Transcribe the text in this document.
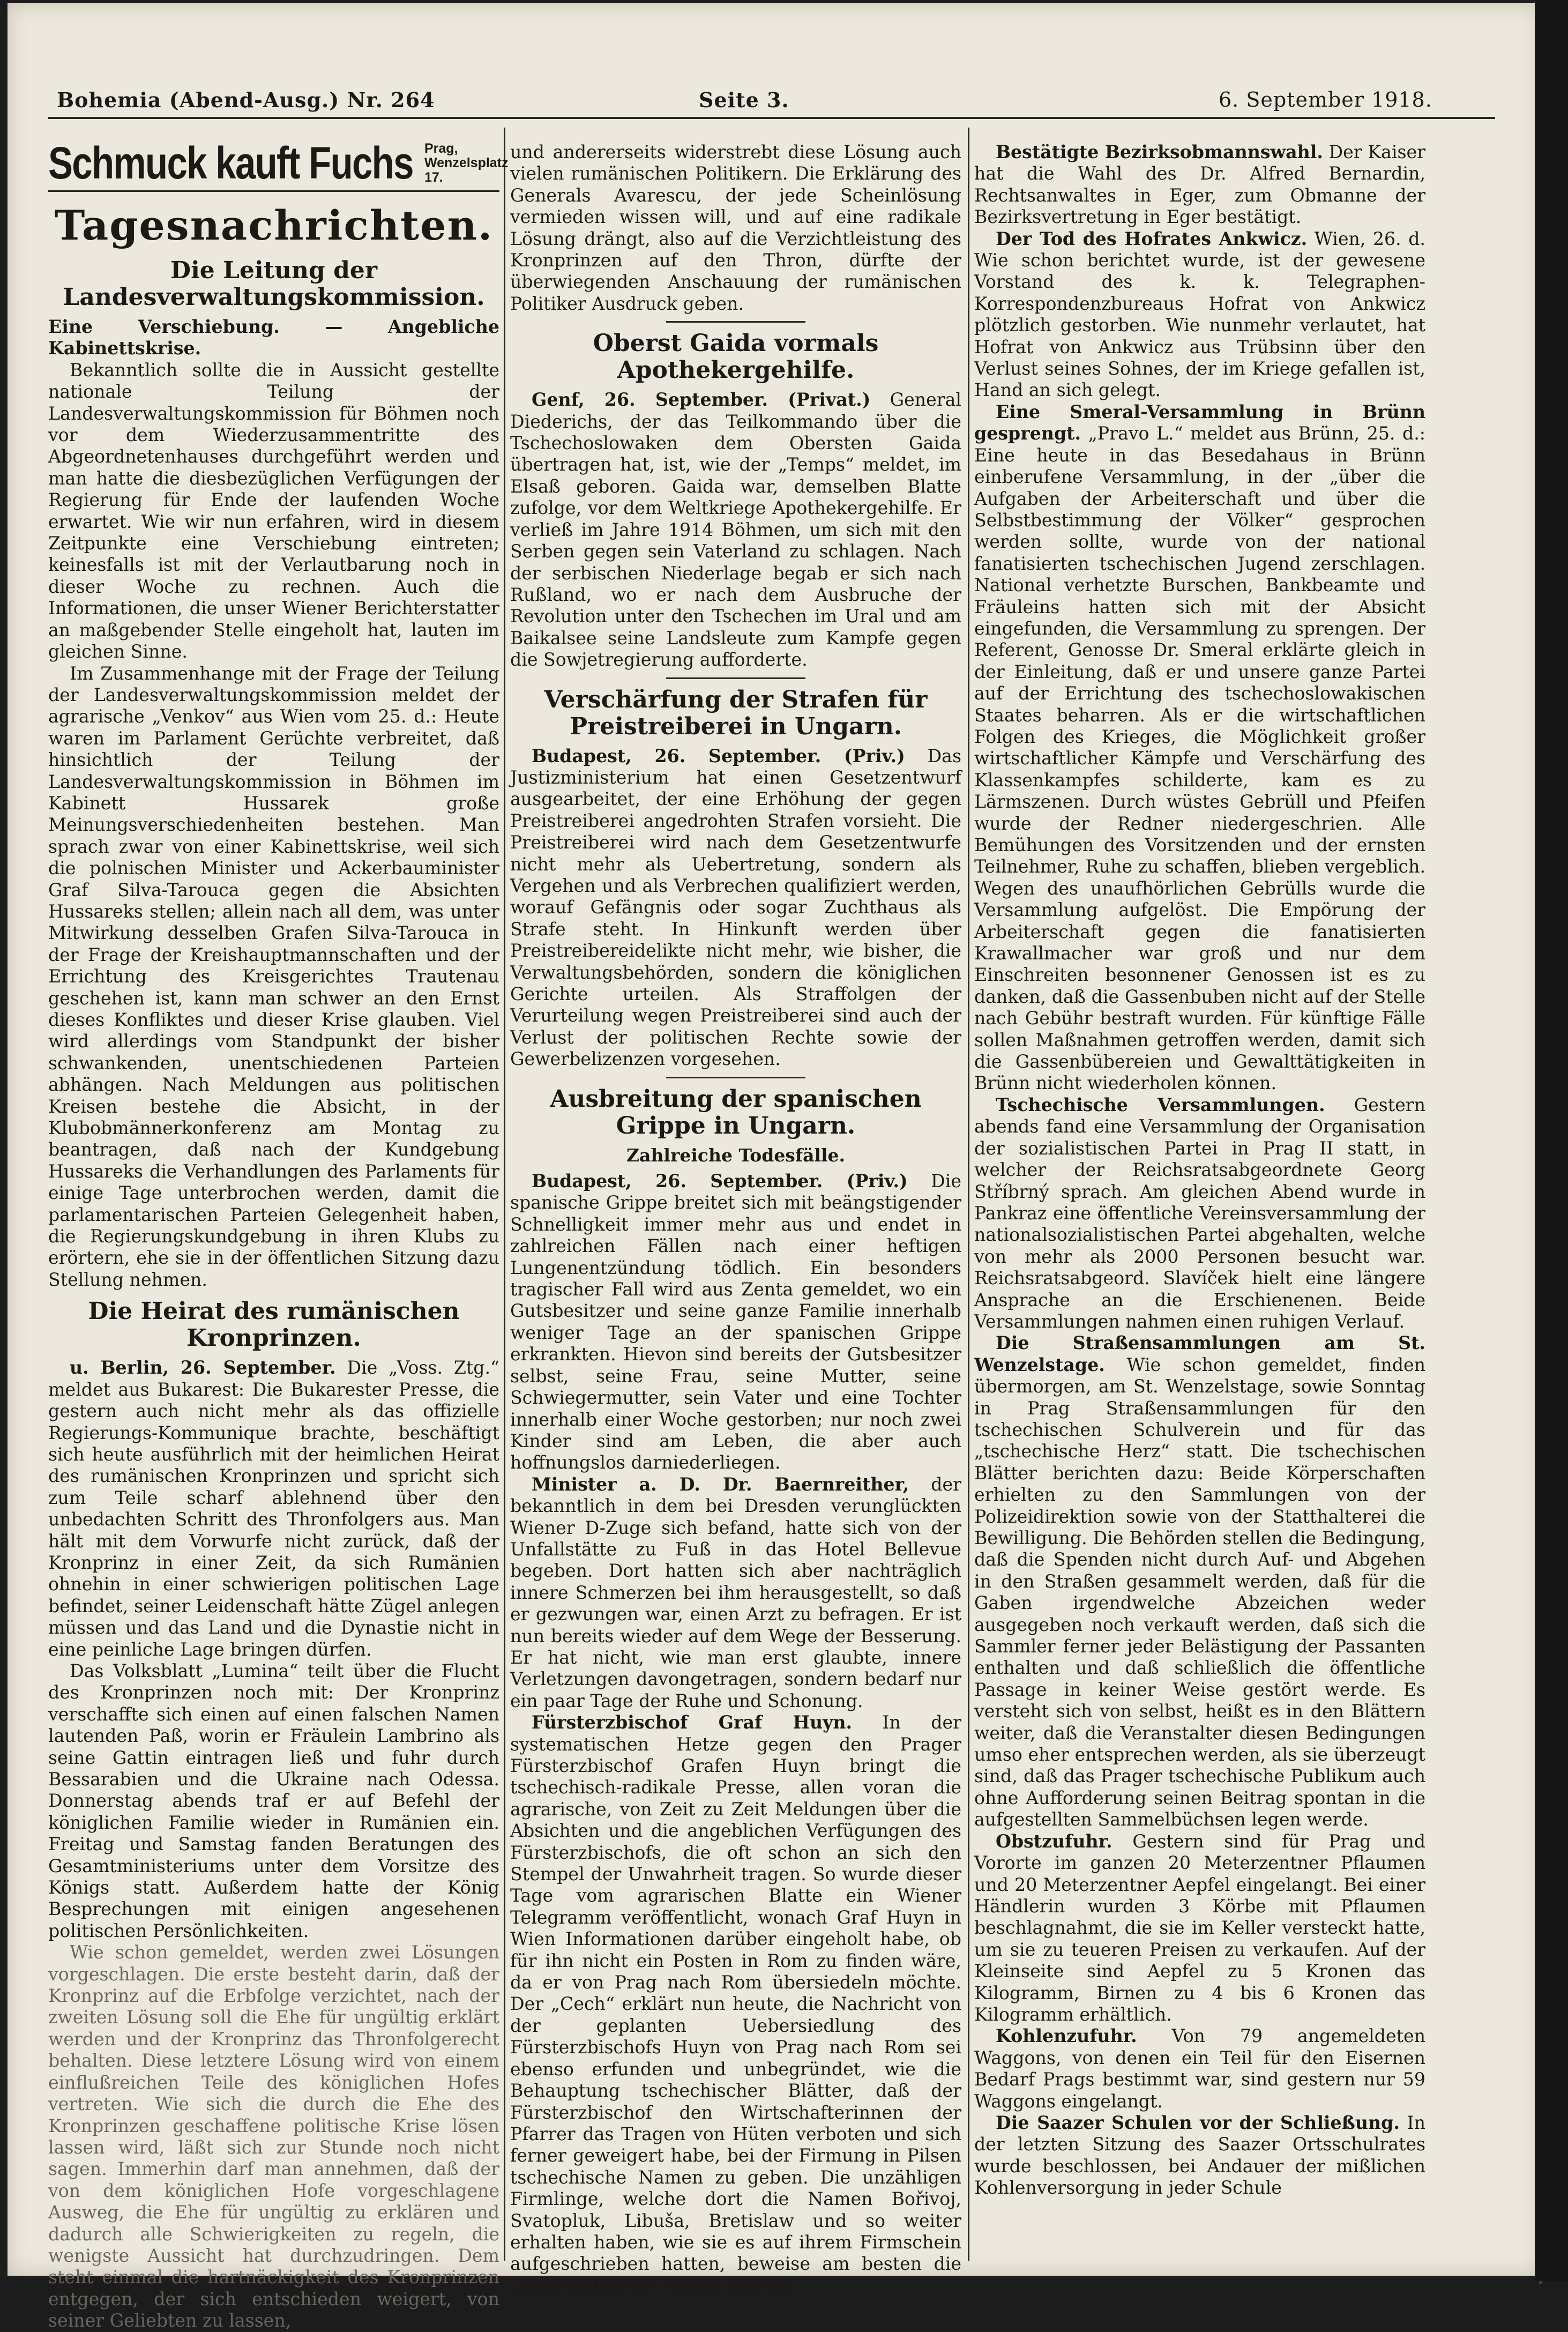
Bohemia (Abend-Ausg.) Nr. 264	Seite 3.	6. September 1918.
Schmuck kauft Fuchs Prag, Wenzelsplatz 17.
Tagesnachrichten.
Die Leitung der Landesverwaltungskommission.

Eine Verschiebung. — Angebliche Kabinettskrise.

Bekanntlich sollte die in Aussicht gestellte nationale Teilung der Landesverwaltungskommission für Böhmen noch vor dem Wiederzusammentritte des Abgeordnetenhauses durchgeführt werden und man hatte die diesbezüglichen Verfügungen der Regierung für Ende der laufenden Woche erwartet. Wie wir nun erfahren, wird in diesem Zeitpunkte eine Verschiebung eintreten; keinesfalls ist mit der Verlautbarung noch in dieser Woche zu rechnen. Auch die Informationen, die unser Wiener Berichterstatter an maßgebender Stelle eingeholt hat, lauten im gleichen Sinne.

Im Zusammenhange mit der Frage der Teilung der Landesverwaltungskommission meldet der agrarische „Venkov“ aus Wien vom 25. d.: Heute waren im Parlament Gerüchte verbreitet, daß hinsichtlich der Teilung der Landesverwaltungskommission in Böhmen im Kabinett Hussarek große Meinungsverschiedenheiten bestehen. Man sprach zwar von einer Kabinettskrise, weil sich die polnischen Minister und Ackerbauminister Graf Silva-Tarouca gegen die Absichten Hussareks stellen; allein nach all dem, was unter Mitwirkung desselben Grafen Silva-Tarouca in der Frage der Kreishauptmannschaften und der Errichtung des Kreisgerichtes Trautenau geschehen ist, kann man schwer an den Ernst dieses Konfliktes und dieser Krise glauben. Viel wird allerdings vom Standpunkt der bisher schwankenden, unentschiedenen Parteien abhängen. Nach Meldungen aus politischen Kreisen bestehe die Absicht, in der Klubobmännerkonferenz am Montag zu beantragen, daß nach der Kundgebung Hussareks die Verhandlungen des Parlaments für einige Tage unterbrochen werden, damit die parlamentarischen Parteien Gelegenheit haben, die Regierungskundgebung in ihren Klubs zu erörtern, ehe sie in der öffentlichen Sitzung dazu Stellung nehmen.

Die Heirat des rumänischen Kronprinzen.

u. Berlin, 26. September. Die „Voss. Ztg.“ meldet aus Bukarest: Die Bukarester Presse, die gestern auch nicht mehr als das offizielle Regierungs-Kommunique brachte, beschäftigt sich heute ausführlich mit der heimlichen Heirat des rumänischen Kronprinzen und spricht sich zum Teile scharf ablehnend über den unbedachten Schritt des Thronfolgers aus. Man hält mit dem Vorwurfe nicht zurück, daß der Kronprinz in einer Zeit, da sich Rumänien ohnehin in einer schwierigen politischen Lage befindet, seiner Leidenschaft hätte Zügel anlegen müssen und das Land und die Dynastie nicht in eine peinliche Lage bringen dürfen.

Das Volksblatt „Lumina“ teilt über die Flucht des Kronprinzen noch mit: Der Kronprinz verschaffte sich einen auf einen falschen Namen lautenden Paß, worin er Fräulein Lambrino als seine Gattin eintragen ließ und fuhr durch Bessarabien und die Ukraine nach Odessa. Donnerstag abends traf er auf Befehl der königlichen Familie wieder in Rumänien ein. Freitag und Samstag fanden Beratungen des Gesamtministeriums unter dem Vorsitze des Königs statt. Außerdem hatte der König Besprechungen mit einigen angesehenen politischen Persönlichkeiten.

Wie schon gemeldet, werden zwei Lösungen vorgeschlagen. Die erste besteht darin, daß der Kronprinz auf die Erbfolge verzichtet, nach der zweiten Lösung soll die Ehe für ungültig erklärt werden und der Kronprinz das Thronfolgerecht behalten. Diese letztere Lösung wird von einem einflußreichen Teile des königlichen Hofes vertreten. Wie sich die durch die Ehe des Kronprinzen geschaffene politische Krise lösen lassen wird, läßt sich zur Stunde noch nicht sagen. Immerhin darf man annehmen, daß der von dem königlichen Hofe vorgeschlagene Ausweg, die Ehe für ungültig zu erklären und dadurch alle Schwierigkeiten zu regeln, die wenigste Aussicht hat durchzudringen. Dem steht einmal die hartnäckigkeit des Kronprinzen entgegen, der sich entschieden weigert, von seiner Geliebten zu lassen,

und andererseits widerstrebt diese Lösung auch vielen rumänischen Politikern. Die Erklärung des Generals Avarescu, der jede Scheinlösung vermieden wissen will, und auf eine radikale Lösung drängt, also auf die Verzichtleistung des Kronprinzen auf den Thron, dürfte der überwiegenden Anschauung der rumänischen Politiker Ausdruck geben.

Oberst Gaida vormals Apothekergehilfe.

Genf, 26. September. (Privat.) General Diederichs, der das Teilkommando über die Tschechoslowaken dem Obersten Gaida übertragen hat, ist, wie der „Temps“ meldet, im Elsaß geboren. Gaida war, demselben Blatte zufolge, vor dem Weltkriege Apothekergehilfe. Er verließ im Jahre 1914 Böhmen, um sich mit den Serben gegen sein Vaterland zu schlagen. Nach der serbischen Niederlage begab er sich nach Rußland, wo er nach dem Ausbruche der Revolution unter den Tschechen im Ural und am Baikalsee seine Landsleute zum Kampfe gegen die Sowjetregierung aufforderte.

Verschärfung der Strafen für Preistreiberei in Ungarn.

Budapest, 26. September. (Priv.) Das Justizministerium hat einen Gesetzentwurf ausgearbeitet, der eine Erhöhung der gegen Preistreiberei angedrohten Strafen vorsieht. Die Preistreiberei wird nach dem Gesetzentwurfe nicht mehr als Uebertretung, sondern als Vergehen und als Verbrechen qualifiziert werden, worauf Gefängnis oder sogar Zuchthaus als Strafe steht. In Hinkunft werden über Preistreibereidelikte nicht mehr, wie bisher, die Verwaltungsbehörden, sondern die königlichen Gerichte urteilen. Als Straffolgen der Verurteilung wegen Preistreiberei sind auch der Verlust der politischen Rechte sowie der Gewerbelizenzen vorgesehen.

Ausbreitung der spanischen Grippe in Ungarn.
Zahlreiche Todesfälle.

Budapest, 26. September. (Priv.) Die spanische Grippe breitet sich mit beängstigender Schnelligkeit immer mehr aus und endet in zahlreichen Fällen nach einer heftigen Lungenentzündung tödlich. Ein besonders tragischer Fall wird aus Zenta gemeldet, wo ein Gutsbesitzer und seine ganze Familie innerhalb weniger Tage an der spanischen Grippe erkrankten. Hievon sind bereits der Gutsbesitzer selbst, seine Frau, seine Mutter, seine Schwiegermutter, sein Vater und eine Tochter innerhalb einer Woche gestorben; nur noch zwei Kinder sind am Leben, die aber auch hoffnungslos darniederliegen.

Minister a. D. Dr. Baernreither, der bekanntlich in dem bei Dresden verunglückten Wiener D-Zuge sich befand, hatte sich von der Unfallstätte zu Fuß in das Hotel Bellevue begeben. Dort hatten sich aber nachträglich innere Schmerzen bei ihm herausgestellt, so daß er gezwungen war, einen Arzt zu befragen. Er ist nun bereits wieder auf dem Wege der Besserung. Er hat nicht, wie man erst glaubte, innere Verletzungen davongetragen, sondern bedarf nur ein paar Tage der Ruhe und Schonung.

Fürsterzbischof Graf Huyn. In der systematischen Hetze gegen den Prager Fürsterzbischof Grafen Huyn bringt die tschechisch-radikale Presse, allen voran die agrarische, von Zeit zu Zeit Meldungen über die Absichten und die angeblichen Verfügungen des Fürsterzbischofs, die oft schon an sich den Stempel der Unwahrheit tragen. So wurde dieser Tage vom agrarischen Blatte ein Wiener Telegramm veröffentlicht, wonach Graf Huyn in Wien Informationen darüber eingeholt habe, ob für ihn nicht ein Posten in Rom zu finden wäre, da er von Prag nach Rom übersiedeln möchte. Der „Cech“ erklärt nun heute, die Nachricht von der geplanten Uebersiedlung des Fürsterzbischofs Huyn von Prag nach Rom sei ebenso erfunden und unbegründet, wie die Behauptung tschechischer Blätter, daß der Fürsterzbischof den Wirtschafterinnen der Pfarrer das Tragen von Hüten verboten und sich ferner geweigert habe, bei der Firmung in Pilsen tschechische Namen zu geben. Die unzähligen Firmlinge, welche dort die Namen Bořivoj, Svatopluk, Libuša, Bretislaw und so weiter erhalten haben, wie sie es auf ihrem Firmschein aufgeschrieben hatten, beweise am besten die „Wahrheitsliebe“ dieser Blätter.

Bestätigte Bezirksobmannswahl. Der Kaiser hat die Wahl des Dr. Alfred Bernardin, Rechtsanwaltes in Eger, zum Obmanne der Bezirksvertretung in Eger bestätigt.

Der Tod des Hofrates Ankwicz. Wien, 26. d. Wie schon berichtet wurde, ist der gewesene Vorstand des k. k. Telegraphen-Korrespondenzbureaus Hofrat von Ankwicz plötzlich gestorben. Wie nunmehr verlautet, hat Hofrat von Ankwicz aus Trübsinn über den Verlust seines Sohnes, der im Kriege gefallen ist, Hand an sich gelegt.

Eine Smeral-Versammlung in Brünn gesprengt. „Pravo L.“ meldet aus Brünn, 25. d.: Eine heute in das Besedahaus in Brünn einberufene Versammlung, in der „über die Aufgaben der Arbeiterschaft und über die Selbstbestimmung der Völker“ gesprochen werden sollte, wurde von der national fanatisierten tschechischen Jugend zerschlagen. National verhetzte Burschen, Bankbeamte und Fräuleins hatten sich mit der Absicht eingefunden, die Versammlung zu sprengen. Der Referent, Genosse Dr. Smeral erklärte gleich in der Einleitung, daß er und unsere ganze Partei auf der Errichtung des tschechoslowakischen Staates beharren. Als er die wirtschaftlichen Folgen des Krieges, die Möglichkeit großer wirtschaftlicher Kämpfe und Verschärfung des Klassenkampfes schilderte, kam es zu Lärmszenen. Durch wüstes Gebrüll und Pfeifen wurde der Redner niedergeschrien. Alle Bemühungen des Vorsitzenden und der ernsten Teilnehmer, Ruhe zu schaffen, blieben vergeblich. Wegen des unaufhörlichen Gebrülls wurde die Versammlung aufgelöst. Die Empörung der Arbeiterschaft gegen die fanatisierten Krawallmacher war groß und nur dem Einschreiten besonnener Genossen ist es zu danken, daß die Gassenbuben nicht auf der Stelle nach Gebühr bestraft wurden. Für künftige Fälle sollen Maßnahmen getroffen werden, damit sich die Gassenbübereien und Gewalttätigkeiten in Brünn nicht wiederholen können.

Tschechische Versammlungen. Gestern abends fand eine Versammlung der Organisation der sozialistischen Partei in Prag II statt, in welcher der Reichsratsabgeordnete Georg Stříbrný sprach. Am gleichen Abend wurde in Pankraz eine öffentliche Vereinsversammlung der nationalsozialistischen Partei abgehalten, welche von mehr als 2000 Personen besucht war. Reichsratsabgeord. Slavíček hielt eine längere Ansprache an die Erschienenen. Beide Versammlungen nahmen einen ruhigen Verlauf.

Die Straßensammlungen am St. Wenzelstage. Wie schon gemeldet, finden übermorgen, am St. Wenzelstage, sowie Sonntag in Prag Straßensammlungen für den tschechischen Schulverein und für das „tschechische Herz“ statt. Die tschechischen Blätter berichten dazu: Beide Körperschaften erhielten zu den Sammlungen von der Polizeidirektion sowie von der Statthalterei die Bewilligung. Die Behörden stellen die Bedingung, daß die Spenden nicht durch Auf- und Abgehen in den Straßen gesammelt werden, daß für die Gaben irgendwelche Abzeichen weder ausgegeben noch verkauft werden, daß sich die Sammler ferner jeder Belästigung der Passanten enthalten und daß schließlich die öffentliche Passage in keiner Weise gestört werde. Es versteht sich von selbst, heißt es in den Blättern weiter, daß die Veranstalter diesen Bedingungen umso eher entsprechen werden, als sie überzeugt sind, daß das Prager tschechische Publikum auch ohne Aufforderung seinen Beitrag spontan in die aufgestellten Sammelbüchsen legen werde.

Obstzufuhr. Gestern sind für Prag und Vororte im ganzen 20 Meterzentner Pflaumen und 20 Meterzentner Aepfel eingelangt. Bei einer Händlerin wurden 3 Körbe mit Pflaumen beschlagnahmt, die sie im Keller versteckt hatte, um sie zu teueren Preisen zu verkaufen. Auf der Kleinseite sind Aepfel zu 5 Kronen das Kilogramm, Birnen zu 4 bis 6 Kronen das Kilogramm erhältlich.

Kohlenzufuhr. Von 79 angemeldeten Waggons, von denen ein Teil für den Eisernen Bedarf Prags bestimmt war, sind gestern nur 59 Waggons eingelangt.

Die Saazer Schulen vor der Schließung. In der letzten Sitzung des Saazer Ortsschulrates wurde beschlossen, bei Andauer der mißlichen Kohlenversorgung in jeder Schule
